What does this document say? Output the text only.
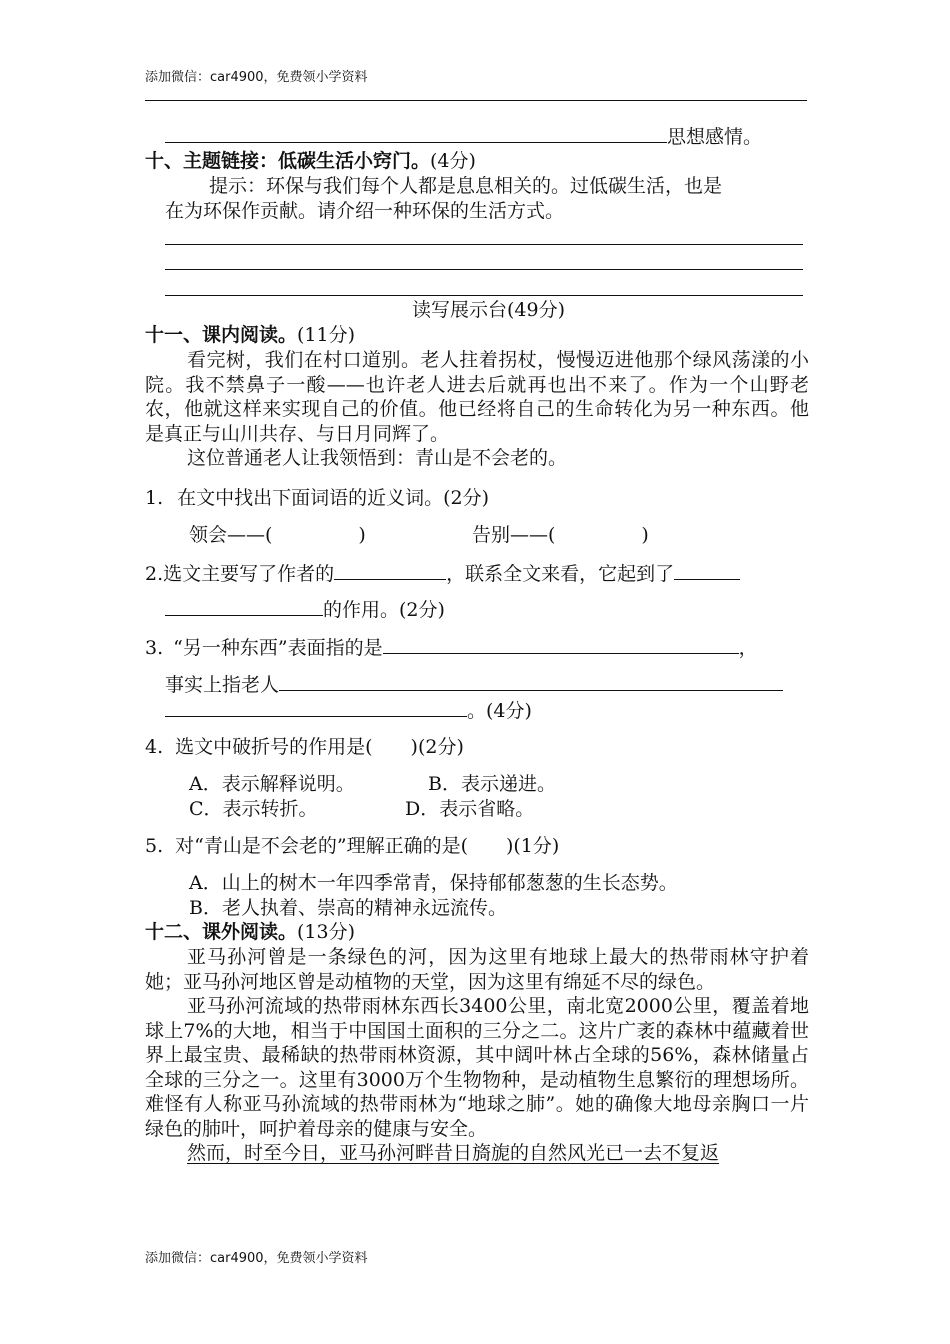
添加微信：car4900，免费领小学资料
思想感情。
十、主题链接：低碳生活小窍门。(4分)
提示：环保与我们每个人都是息息相关的。过低碳生活，也是
在为环保作贡献。请介绍一种环保的生活方式。
读写展示台(49分)
十一、课内阅读。(11分)

看完树，我们在村口道别。老人拄着拐杖，慢慢迈进他那个绿风荡漾的小院。我不禁鼻子一酸——也许老人进去后就再也出不来了。作为一个山野老农，他就这样来实现自己的价值。他已经将自己的生命转化为另一种东西。他是真正与山川共存、与日月同辉了。

这位普通老人让我领悟到：青山是不会老的。

1. 在文中找出下面词语的近义词。(2分)
领会——(	)	告别——(	)
2.选文主要写了作者的	，联系全文来看，它起到了
的作用。(2分)
3. “另一种东西”表面指的是	，
事实上指老人
。(4分)
4. 选文中破折号的作用是(　　)(2分)
A．表示解释说明。	B．表示递进。
C．表示转折。	D．表示省略。
5. 对“青山是不会老的”理解正确的是(　　)(1分)
A．山上的树木一年四季常青，保持郁郁葱葱的生长态势。
B．老人执着、崇高的精神永远流传。
十二、课外阅读。(13分)

亚马孙河曾是一条绿色的河，因为这里有地球上最大的热带雨林守护着她；亚马孙河地区曾是动植物的天堂，因为这里有绵延不尽的绿色。

亚马孙河流域的热带雨林东西长3400公里，南北宽2000公里，覆盖着地球上7%的大地，相当于中国国土面积的三分之二。这片广袤的森林中蕴藏着世界上最宝贵、最稀缺的热带雨林资源，其中阔叶林占全球的56%，森林储量占全球的三分之一。这里有3000万个生物物种，是动植物生息繁衍的理想场所。难怪有人称亚马孙流域的热带雨林为“地球之肺”。她的确像大地母亲胸口一片绿色的肺叶，呵护着母亲的健康与安全。

然而，时至今日，亚马孙河畔昔日旖旎的自然风光已一去不复返

添加微信：car4900，免费领小学资料
